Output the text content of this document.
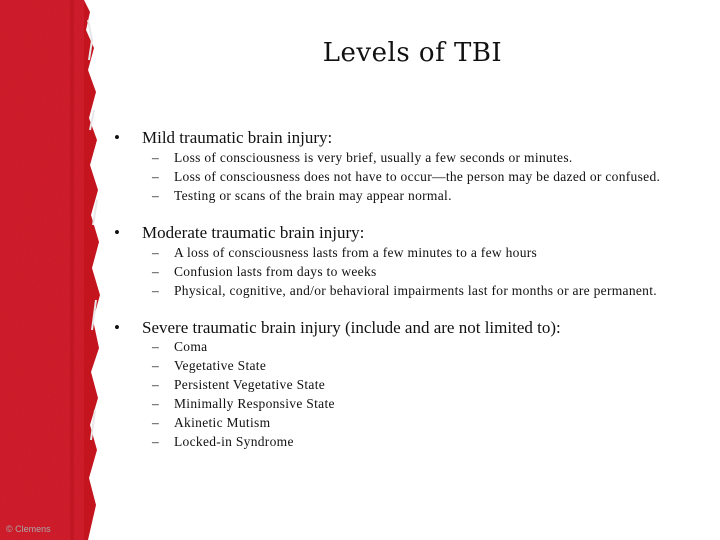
Levels of TBI
• Mild traumatic brain injury:
– Loss of consciousness is very brief, usually a few seconds or minutes.
– Loss of consciousness does not have to occur—the person may be dazed or confused.
– Testing or scans of the brain may appear normal.
• Moderate traumatic brain injury:
– A loss of consciousness lasts from a few minutes to a few hours
– Confusion lasts from days to weeks
– Physical, cognitive, and/or behavioral impairments last for months or are permanent.
• Severe traumatic brain injury (include and are not limited to):
– Coma
– Vegetative State
– Persistent Vegetative State
– Minimally Responsive State
– Akinetic Mutism
– Locked-in Syndrome
© Clemens
